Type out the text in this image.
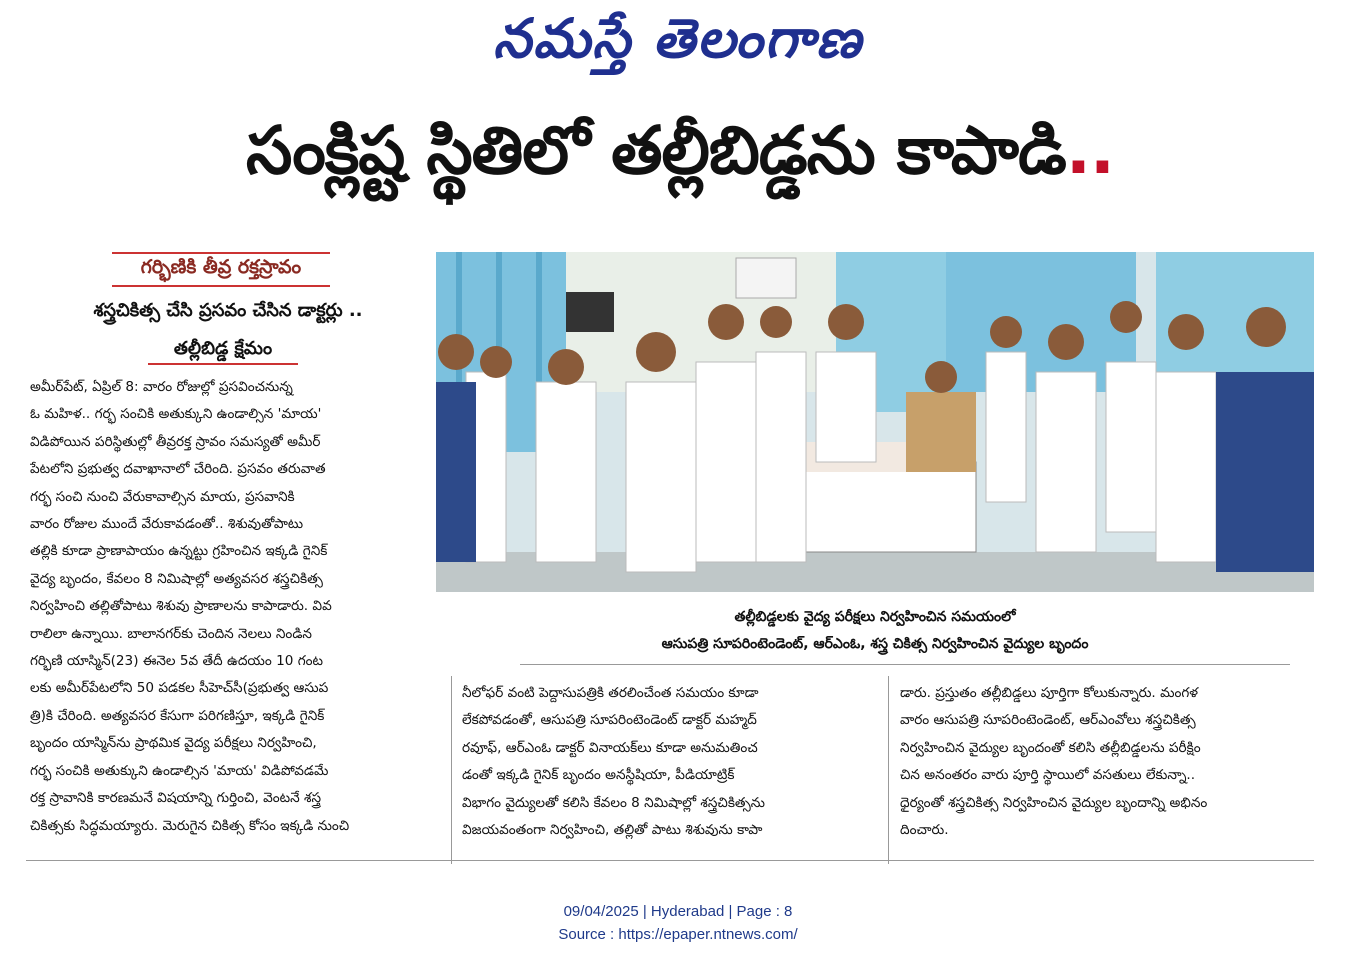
నమస్తే తెలంగాణ
సంక్లిష్ట స్థితిలో తల్లీబిడ్డను కాపాడి..
గర్భిణికి తీవ్ర రక్తస్రావం
శస్త్రచికిత్స చేసి ప్రసవం చేసిన డాక్టర్లు ..
తల్లీబిడ్డ క్షేమం
తల్లీబిడ్డలకు వైద్య పరీక్షలు నిర్వహించిన సమయంలో
ఆసుపత్రి సూపరింటెండెంట్, ఆర్ఎంఓ, శస్త్ర చికిత్స నిర్వహించిన వైద్యుల బృందం
అమీర్‌పేట్, ఏప్రిల్ 8: వారం రోజుల్లో ప్రసవించనున్న
ఓ మహిళ.. గర్భ సంచికి అతుక్కుని ఉండాల్సిన 'మాయ'
విడిపోయిన పరిస్థితుల్లో తీవ్రరక్త స్రావం సమస్యతో అమీర్
పేటలోని ప్రభుత్వ దవాఖానాలో చేరింది. ప్రసవం తరువాత
గర్భ సంచి నుంచి వేరుకావాల్సిన మాయ, ప్రసవానికి
వారం రోజుల ముందే వేరుకావడంతో.. శిశువుతోపాటు
తల్లికి కూడా ప్రాణాపాయం ఉన్నట్టు గ్రహించిన ఇక్కడి గైనిక్
వైద్య బృందం, కేవలం 8 నిమిషాల్లో అత్యవసర శస్త్రచికిత్స
నిర్వహించి తల్లితోపాటు శిశువు ప్రాణాలను కాపాడారు. వివ
రాలిలా ఉన్నాయి. బాలానగర్‌కు చెందిన నెలలు నిండిన
గర్భిణి యాస్మిన్(23) ఈనెల 5వ తేదీ ఉదయం 10 గంట
లకు అమీర్‌పేటలోని 50 పడకల సీహెచ్‌సీ(ప్రభుత్వ ఆసుప
త్రి)కి చేరింది. అత్యవసర కేసుగా పరిగణిస్తూ, ఇక్కడి గైనిక్
బృందం యాస్మిన్‌ను ప్రాథమిక వైద్య పరీక్షలు నిర్వహించి,
గర్భ సంచికి అతుక్కుని ఉండాల్సిన 'మాయ' విడిపోవడమే
రక్త స్రావానికి కారణమనే విషయాన్ని గుర్తించి, వెంటనే శస్త్ర
చికిత్సకు సిద్ధమయ్యారు. మెరుగైన చికిత్స కోసం ఇక్కడి నుంచి
నీలోఫర్ వంటి పెద్దాసుపత్రికి తరలించేంత సమయం కూడా
లేకపోవడంతో, ఆసుపత్రి సూపరింటెండెంట్ డాక్టర్ మహ్మద్
రవూఫ్, ఆర్ఎంఓ డాక్టర్ వినాయక్‌లు కూడా అనుమతించ
డంతో ఇక్కడి గైనిక్ బృందం అనస్థీషియా, పీడియాట్రిక్
విభాగం వైద్యులతో కలిసి కేవలం 8 నిమిషాల్లో శస్త్రచికిత్సను
విజయవంతంగా నిర్వహించి, తల్లితో పాటు శిశువును కాపా
డారు. ప్రస్తుతం తల్లీబిడ్డలు పూర్తిగా కోలుకున్నారు. మంగళ
వారం ఆసుపత్రి సూపరింటెండెంట్, ఆర్ఎంవోలు శస్త్రచికిత్స
నిర్వహించిన వైద్యుల బృందంతో కలిసి తల్లీబిడ్డలను పరీక్షిం
చిన అనంతరం వారు పూర్తి స్థాయిలో వసతులు లేకున్నా..
ధైర్యంతో శస్త్రచికిత్స నిర్వహించిన వైద్యుల బృందాన్ని అభినం
దించారు.
09/04/2025 | Hyderabad | Page : 8
Source : https://epaper.ntnews.com/
